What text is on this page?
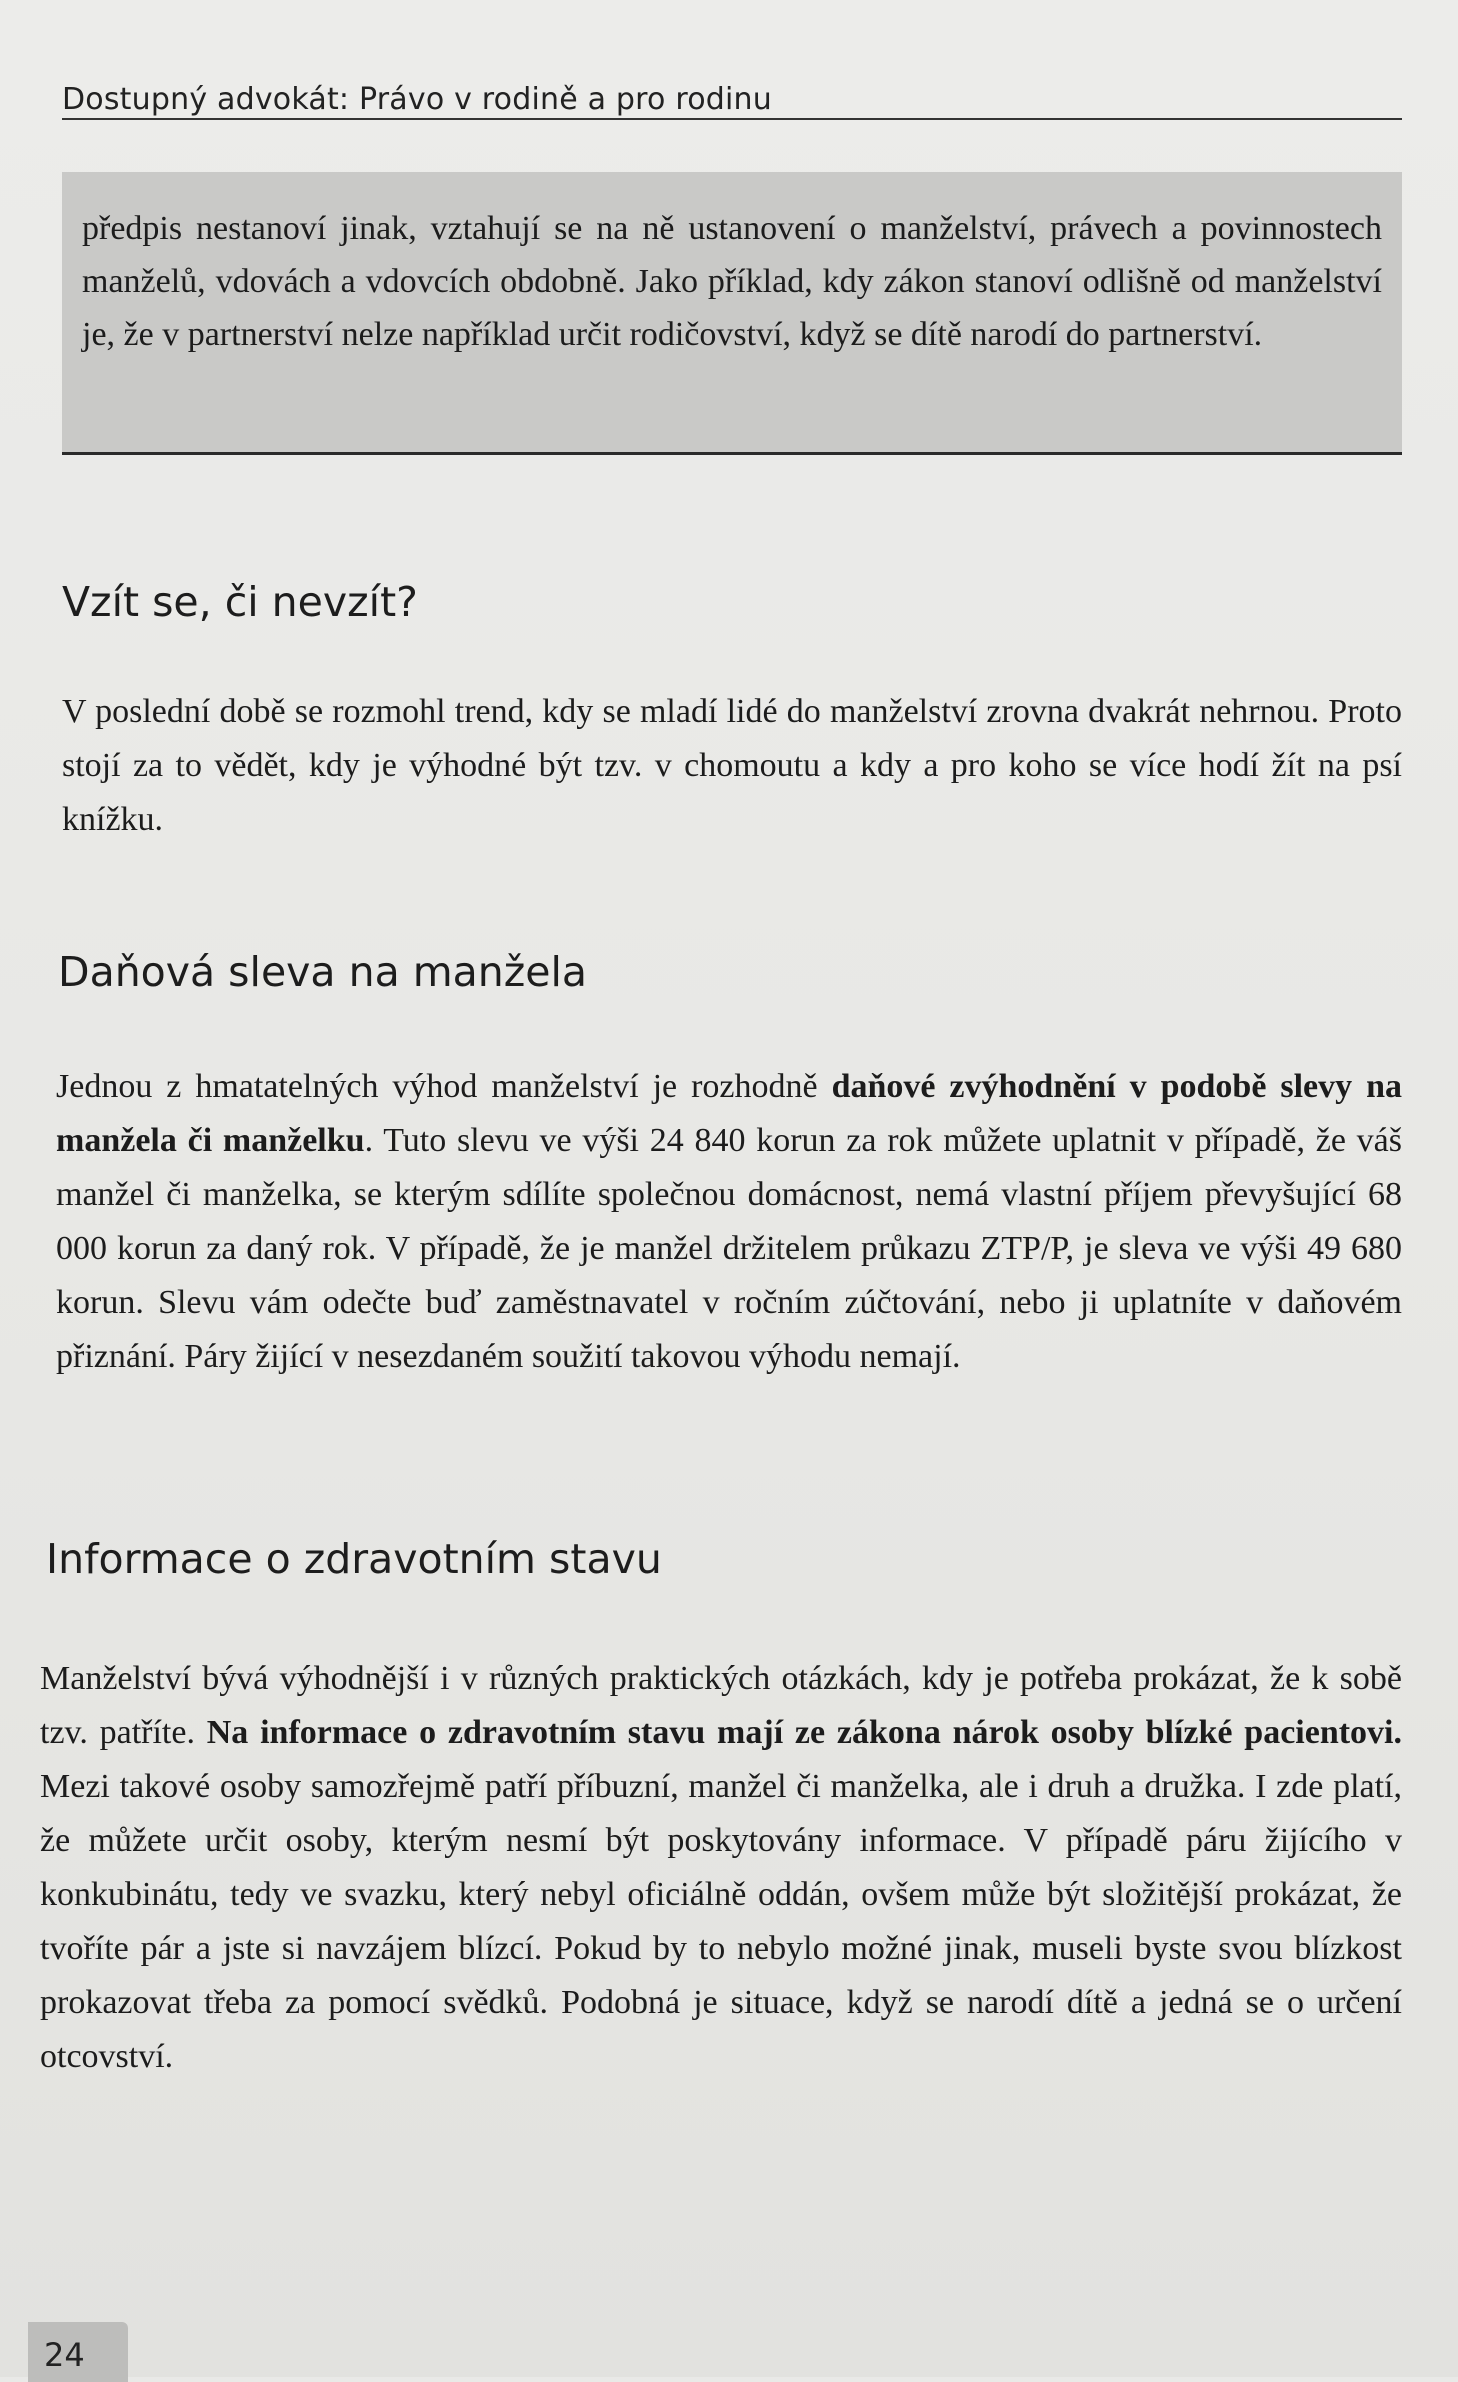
Dostupný advokát: Právo v rodině a pro rodinu
předpis nestanoví jinak, vztahují se na ně ustanovení o manželství, právech a povinnostech manželů, vdovách a vdovcích obdobně. Jako příklad, kdy zákon stanoví odlišně od manželství je, že v partnerství nelze například určit rodičovství, když se dítě narodí do partnerství.
Vzít se, či nevzít?

V poslední době se rozmohl trend, kdy se mladí lidé do manželství zrovna dvakrát nehrnou. Proto stojí za to vědět, kdy je výhodné být tzv. v chomoutu a kdy a pro koho se více hodí žít na psí knížku.

Daňová sleva na manžela

Jednou z hmatatelných výhod manželství je rozhodně daňové zvýhodnění v podobě slevy na manžela či manželku. Tuto slevu ve výši 24 840 korun za rok můžete uplatnit v případě, že váš manžel či manželka, se kterým sdílíte společnou domácnost, nemá vlastní příjem převyšující 68 000 korun za daný rok. V případě, že je manžel držitelem průkazu ZTP/P, je sleva ve výši 49 680 korun. Slevu vám odečte buď zaměstnavatel v ročním zúčtování, nebo ji uplatníte v daňovém přiznání. Páry žijící v nesezdaném soužití takovou výhodu nemají.

Informace o zdravotním stavu

Manželství bývá výhodnější i v různých praktických otázkách, kdy je potřeba prokázat, že k sobě tzv. patříte. Na informace o zdravotním stavu mají ze zákona nárok osoby blízké pacientovi. Mezi takové osoby samozřejmě patří příbuzní, manžel či manželka, ale i druh a družka. I zde platí, že můžete určit osoby, kterým nesmí být poskytovány informace. V případě páru žijícího v konkubinátu, tedy ve svazku, který nebyl oficiálně oddán, ovšem může být složitější prokázat, že tvoříte pár a jste si navzájem blízcí. Pokud by to nebylo možné jinak, museli byste svou blízkost prokazovat třeba za pomocí svědků. Podobná je situace, když se narodí dítě a jedná se o určení otcovství.

24
